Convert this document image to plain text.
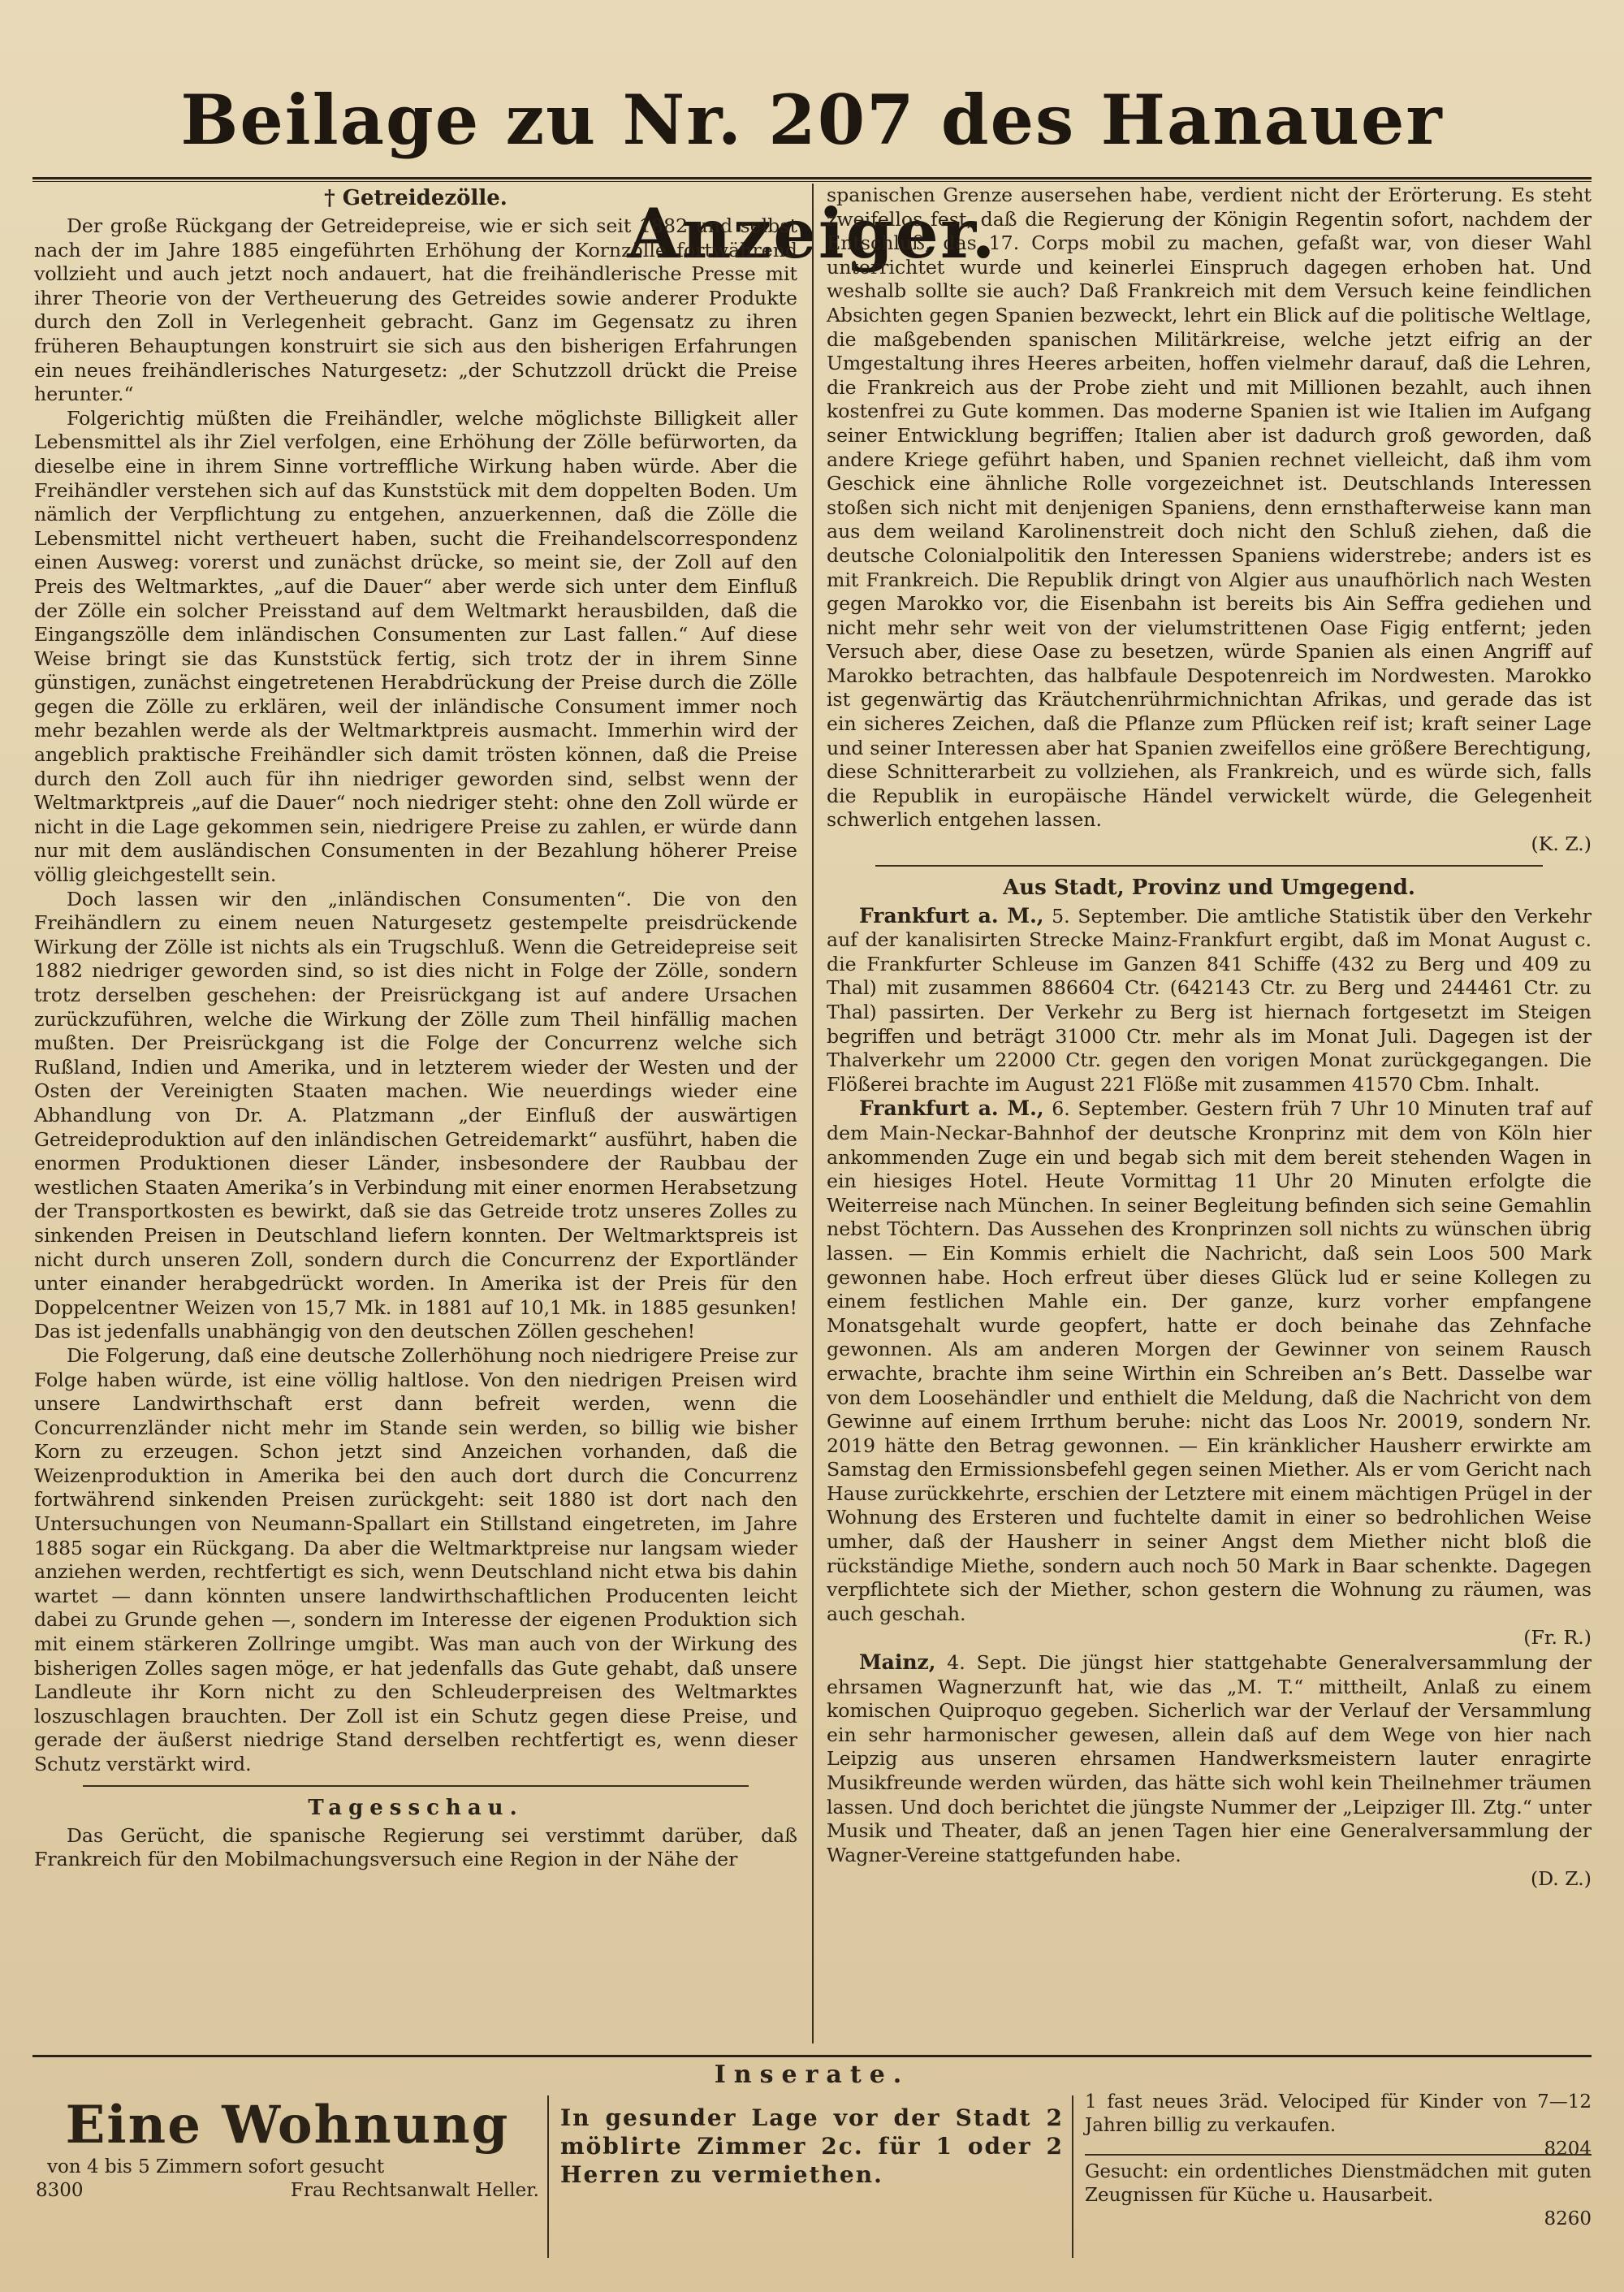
Beilage zu Nr. 207 des Hanauer Anzeiger.

† Getreidezölle.

Der große Rückgang der Getreidepreise, wie er sich seit 1882 und selbst nach der im Jahre 1885 eingeführten Erhöhung der Kornzölle fortwährend vollzieht und auch jetzt noch andauert, hat die freihändlerische Presse mit ihrer Theorie von der Vertheuerung des Getreides sowie anderer Produkte durch den Zoll in Verlegenheit gebracht. Ganz im Gegensatz zu ihren früheren Behauptungen konstruirt sie sich aus den bisherigen Erfahrungen ein neues freihändlerisches Naturgesetz: „der Schutzzoll drückt die Preise herunter.“

Folgerichtig müßten die Freihändler, welche möglichste Billigkeit aller Lebensmittel als ihr Ziel verfolgen, eine Erhöhung der Zölle befürworten, da dieselbe eine in ihrem Sinne vortreffliche Wirkung haben würde. Aber die Freihändler verstehen sich auf das Kunststück mit dem doppelten Boden. Um nämlich der Verpflichtung zu entgehen, anzuerkennen, daß die Zölle die Lebensmittel nicht vertheuert haben, sucht die Freihandelscorrespondenz einen Ausweg: vorerst und zunächst drücke, so meint sie, der Zoll auf den Preis des Weltmarktes, „auf die Dauer“ aber werde sich unter dem Einfluß der Zölle ein solcher Preisstand auf dem Weltmarkt herausbilden, daß die Eingangszölle dem inländischen Consumenten zur Last fallen.“ Auf diese Weise bringt sie das Kunststück fertig, sich trotz der in ihrem Sinne günstigen, zunächst eingetretenen Herabdrückung der Preise durch die Zölle gegen die Zölle zu erklären, weil der inländische Consument immer noch mehr bezahlen werde als der Weltmarktpreis ausmacht. Immerhin wird der angeblich praktische Freihändler sich damit trösten können, daß die Preise durch den Zoll auch für ihn niedriger geworden sind, selbst wenn der Weltmarktpreis „auf die Dauer“ noch niedriger steht: ohne den Zoll würde er nicht in die Lage gekommen sein, niedrigere Preise zu zahlen, er würde dann nur mit dem ausländischen Consumenten in der Bezahlung höherer Preise völlig gleichgestellt sein.

Doch lassen wir den „inländischen Consumenten“. Die von den Freihändlern zu einem neuen Naturgesetz gestempelte preisdrückende Wirkung der Zölle ist nichts als ein Trugschluß. Wenn die Getreidepreise seit 1882 niedriger geworden sind, so ist dies nicht in Folge der Zölle, sondern trotz derselben geschehen: der Preisrückgang ist auf andere Ursachen zurückzuführen, welche die Wirkung der Zölle zum Theil hinfällig machen mußten. Der Preisrückgang ist die Folge der Concurrenz welche sich Rußland, Indien und Amerika, und in letzterem wieder der Westen und der Osten der Vereinigten Staaten machen. Wie neuerdings wieder eine Abhandlung von Dr. A. Platzmann „der Einfluß der auswärtigen Getreideproduktion auf den inländischen Getreidemarkt“ ausführt, haben die enormen Produktionen dieser Länder, insbesondere der Raubbau der westlichen Staaten Amerika’s in Verbindung mit einer enormen Herabsetzung der Transportkosten es bewirkt, daß sie das Getreide trotz unseres Zolles zu sinkenden Preisen in Deutschland liefern konnten. Der Weltmarktspreis ist nicht durch unseren Zoll, sondern durch die Concurrenz der Exportländer unter einander herabgedrückt worden. In Amerika ist der Preis für den Doppelcentner Weizen von 15,7 Mk. in 1881 auf 10,1 Mk. in 1885 gesunken! Das ist jedenfalls unabhängig von den deutschen Zöllen geschehen!

Die Folgerung, daß eine deutsche Zollerhöhung noch niedrigere Preise zur Folge haben würde, ist eine völlig haltlose. Von den niedrigen Preisen wird unsere Landwirthschaft erst dann befreit werden, wenn die Concurrenzländer nicht mehr im Stande sein werden, so billig wie bisher Korn zu erzeugen. Schon jetzt sind Anzeichen vorhanden, daß die Weizenproduktion in Amerika bei den auch dort durch die Concurrenz fortwährend sinkenden Preisen zurückgeht: seit 1880 ist dort nach den Untersuchungen von Neumann-Spallart ein Stillstand eingetreten, im Jahre 1885 sogar ein Rückgang. Da aber die Weltmarktpreise nur langsam wieder anziehen werden, rechtfertigt es sich, wenn Deutschland nicht etwa bis dahin wartet — dann könnten unsere landwirthschaftlichen Producenten leicht dabei zu Grunde gehen —, sondern im Interesse der eigenen Produktion sich mit einem stärkeren Zollringe umgibt. Was man auch von der Wirkung des bisherigen Zolles sagen möge, er hat jedenfalls das Gute gehabt, daß unsere Landleute ihr Korn nicht zu den Schleuderpreisen des Weltmarktes loszuschlagen brauchten. Der Zoll ist ein Schutz gegen diese Preise, und gerade der äußerst niedrige Stand derselben rechtfertigt es, wenn dieser Schutz verstärkt wird.

Tagesschau.

Das Gerücht, die spanische Regierung sei verstimmt darüber, daß Frankreich für den Mobilmachungsversuch eine Region in der Nähe der

spanischen Grenze ausersehen habe, verdient nicht der Erörterung. Es steht zweifellos fest, daß die Regierung der Königin Regentin sofort, nachdem der Entschluß, das 17. Corps mobil zu machen, gefaßt war, von dieser Wahl unterrichtet wurde und keinerlei Einspruch dagegen erhoben hat. Und weshalb sollte sie auch? Daß Frankreich mit dem Versuch keine feindlichen Absichten gegen Spanien bezweckt, lehrt ein Blick auf die politische Weltlage, die maßgebenden spanischen Militärkreise, welche jetzt eifrig an der Umgestaltung ihres Heeres arbeiten, hoffen vielmehr darauf, daß die Lehren, die Frankreich aus der Probe zieht und mit Millionen bezahlt, auch ihnen kostenfrei zu Gute kommen. Das moderne Spanien ist wie Italien im Aufgang seiner Entwicklung begriffen; Italien aber ist dadurch groß geworden, daß andere Kriege geführt haben, und Spanien rechnet vielleicht, daß ihm vom Geschick eine ähnliche Rolle vorgezeichnet ist. Deutschlands Interessen stoßen sich nicht mit denjenigen Spaniens, denn ernsthafterweise kann man aus dem weiland Karolinenstreit doch nicht den Schluß ziehen, daß die deutsche Colonialpolitik den Interessen Spaniens widerstrebe; anders ist es mit Frankreich. Die Republik dringt von Algier aus unaufhörlich nach Westen gegen Marokko vor, die Eisenbahn ist bereits bis Ain Seffra gediehen und nicht mehr sehr weit von der vielumstrittenen Oase Figig entfernt; jeden Versuch aber, diese Oase zu besetzen, würde Spanien als einen Angriff auf Marokko betrachten, das halbfaule Despotenreich im Nordwesten. Marokko ist gegenwärtig das Kräutchenrührmichnichtan Afrikas, und gerade das ist ein sicheres Zeichen, daß die Pflanze zum Pflücken reif ist; kraft seiner Lage und seiner Interessen aber hat Spanien zweifellos eine größere Berechtigung, diese Schnitterarbeit zu vollziehen, als Frankreich, und es würde sich, falls die Republik in europäische Händel verwickelt würde, die Gelegenheit schwerlich entgehen lassen.

(K. Z.)

Aus Stadt, Provinz und Umgegend.

Frankfurt a. M., 5. September. Die amtliche Statistik über den Verkehr auf der kanalisirten Strecke Mainz-Frankfurt ergibt, daß im Monat August c. die Frankfurter Schleuse im Ganzen 841 Schiffe (432 zu Berg und 409 zu Thal) mit zusammen 886604 Ctr. (642143 Ctr. zu Berg und 244461 Ctr. zu Thal) passirten. Der Verkehr zu Berg ist hiernach fortgesetzt im Steigen begriffen und beträgt 31000 Ctr. mehr als im Monat Juli. Dagegen ist der Thalverkehr um 22000 Ctr. gegen den vorigen Monat zurückgegangen. Die Flößerei brachte im August 221 Flöße mit zusammen 41570 Cbm. Inhalt.

Frankfurt a. M., 6. September. Gestern früh 7 Uhr 10 Minuten traf auf dem Main-Neckar-Bahnhof der deutsche Kronprinz mit dem von Köln hier ankommenden Zuge ein und begab sich mit dem bereit stehenden Wagen in ein hiesiges Hotel. Heute Vormittag 11 Uhr 20 Minuten erfolgte die Weiterreise nach München. In seiner Begleitung befinden sich seine Gemahlin nebst Töchtern. Das Aussehen des Kronprinzen soll nichts zu wünschen übrig lassen. — Ein Kommis erhielt die Nachricht, daß sein Loos 500 Mark gewonnen habe. Hoch erfreut über dieses Glück lud er seine Kollegen zu einem festlichen Mahle ein. Der ganze, kurz vorher empfangene Monatsgehalt wurde geopfert, hatte er doch beinahe das Zehnfache gewonnen. Als am anderen Morgen der Gewinner von seinem Rausch erwachte, brachte ihm seine Wirthin ein Schreiben an’s Bett. Dasselbe war von dem Loosehändler und enthielt die Meldung, daß die Nachricht von dem Gewinne auf einem Irrthum beruhe: nicht das Loos Nr. 20019, sondern Nr. 2019 hätte den Betrag gewonnen. — Ein kränklicher Hausherr erwirkte am Samstag den Ermissionsbefehl gegen seinen Miether. Als er vom Gericht nach Hause zurückkehrte, erschien der Letztere mit einem mächtigen Prügel in der Wohnung des Ersteren und fuchtelte damit in einer so bedrohlichen Weise umher, daß der Hausherr in seiner Angst dem Miether nicht bloß die rückständige Miethe, sondern auch noch 50 Mark in Baar schenkte. Dagegen verpflichtete sich der Miether, schon gestern die Wohnung zu räumen, was auch geschah.

(Fr. R.)

Mainz, 4. Sept. Die jüngst hier stattgehabte Generalversammlung der ehrsamen Wagnerzunft hat, wie das „M. T.“ mittheilt, Anlaß zu einem komischen Quiproquo gegeben. Sicherlich war der Verlauf der Versammlung ein sehr harmonischer gewesen, allein daß auf dem Wege von hier nach Leipzig aus unseren ehrsamen Handwerksmeistern lauter enragirte Musikfreunde werden würden, das hätte sich wohl kein Theilnehmer träumen lassen. Und doch berichtet die jüngste Nummer der „Leipziger Ill. Ztg.“ unter Musik und Theater, daß an jenen Tagen hier eine Generalversammlung der Wagner-Vereine stattgefunden habe.

(D. Z.)

Inserate.
Eine Wohnung
von 4 bis 5 Zimmern sofort gesucht
8300	Frau Rechtsanwalt Heller.
In gesunder Lage vor der Stadt 2 möblirte Zimmer 2c. für 1 oder 2 Herren zu vermiethen.
1 fast neues 3räd. Velociped für Kinder von 7—12 Jahren billig zu verkaufen.
8204
Gesucht: ein ordentliches Dienstmädchen mit guten Zeugnissen für Küche u. Hausarbeit.
8260
